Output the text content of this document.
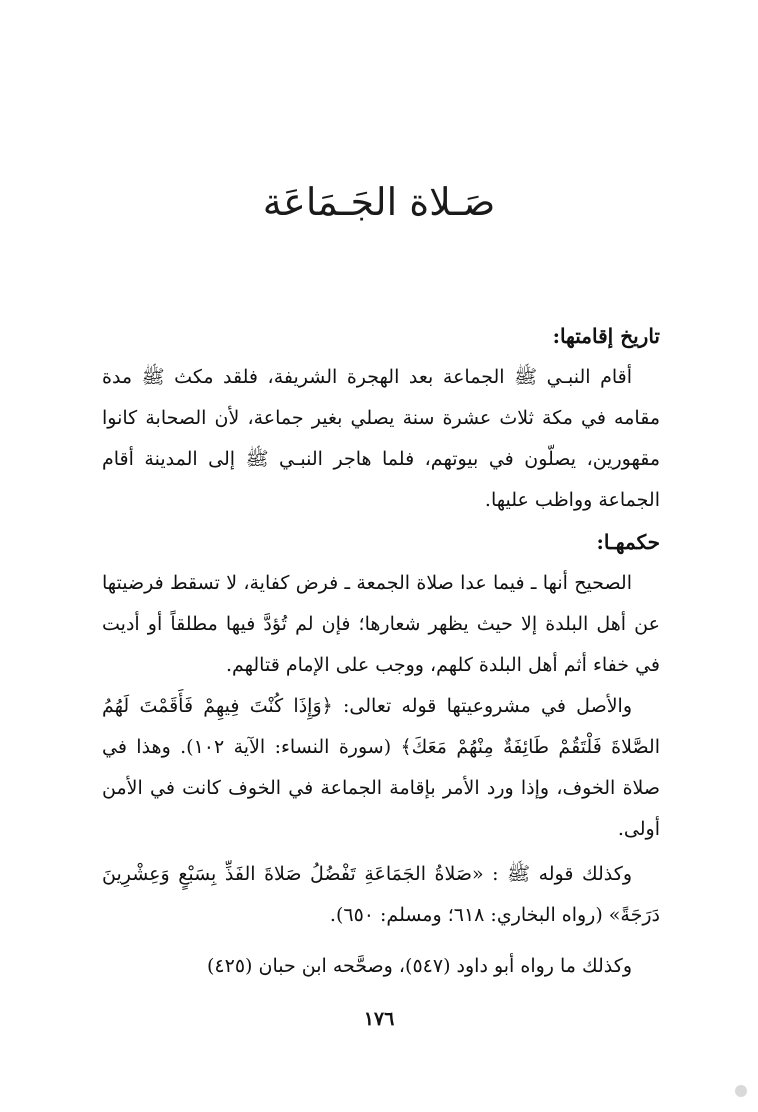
صَـلاة الجَـمَاعَة

تاريخ إقامتها:

أقام النبـي ﷺ الجماعة بعد الهجرة الشريفة، فلقد مكث ﷺ مدة مقامه في مكة ثلاث عشرة سنة يصلي بغير جماعة، لأن الصحابة كانوا مقهورين، يصلّون في بيوتهم، فلما هاجر النبـي ﷺ إلى المدينة أقام الجماعة وواظب عليها.

حكمهـا:

الصحيح أنها ـ فيما عدا صلاة الجمعة ـ فرض كفاية، لا تسقط فرضيتها عن أهل البلدة إلا حيث يظهر شعارها؛ فإن لم تُؤدَّ فيها مطلقاً أو أديت في خفاء أثم أهل البلدة كلهم، ووجب على الإمام قتالهم.

والأصل في مشروعيتها قوله تعالى: ﴿وَإِذَا كُنْتَ فِيهِمْ فَأَقَمْتَ لَهُمُ الصَّلاةَ فَلْتَقُمْ طَائِفَةٌ مِنْهُمْ مَعَكَ﴾ (سورة النساء: الآية ١٠٢). وهذا في صلاة الخوف، وإذا ورد الأمر بإقامة الجماعة في الخوف كانت في الأمن أولى.

وكذلك قوله ﷺ : «صَلاةُ الجَمَاعَةِ تَفْضُلُ صَلاةَ الفَذِّ بِسَبْعٍ وَعِشْرِينَ دَرَجَةً» (رواه البخاري: ٦١٨؛ ومسلم: ٦٥٠).

وكذلك ما رواه أبو داود (٥٤٧)، وصحَّحه ابن حبان (٤٢٥)

١٧٦
